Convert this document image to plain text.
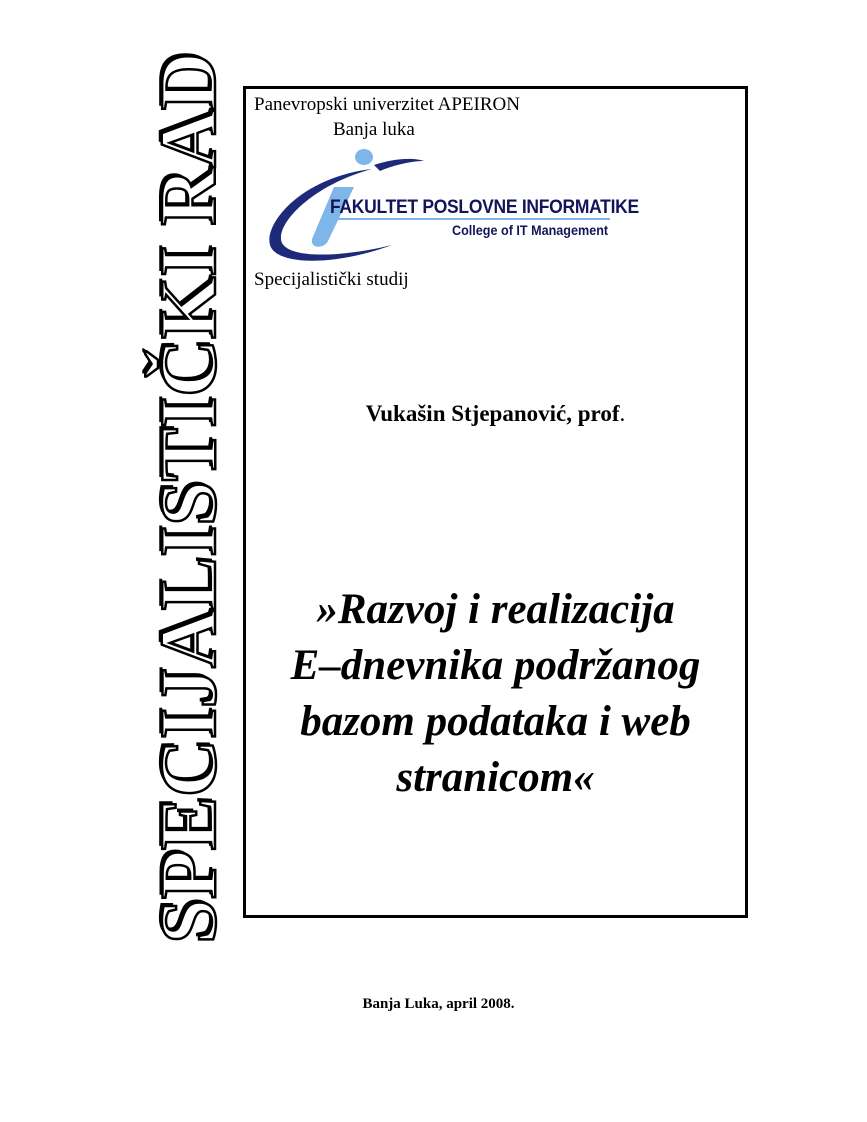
SPECIJALISTIČKI RAD Panevropski univerzitet APEIRON
Banja luka
FAKULTET POSLOVNE INFORMATIKE
College of IT Management
Specijalistički studij
Vukašin Stjepanović, prof.
»Razvoj i realizacija
E–dnevnika podržanog
bazom podataka i web
stranicom«
Banja Luka, april 2008.
